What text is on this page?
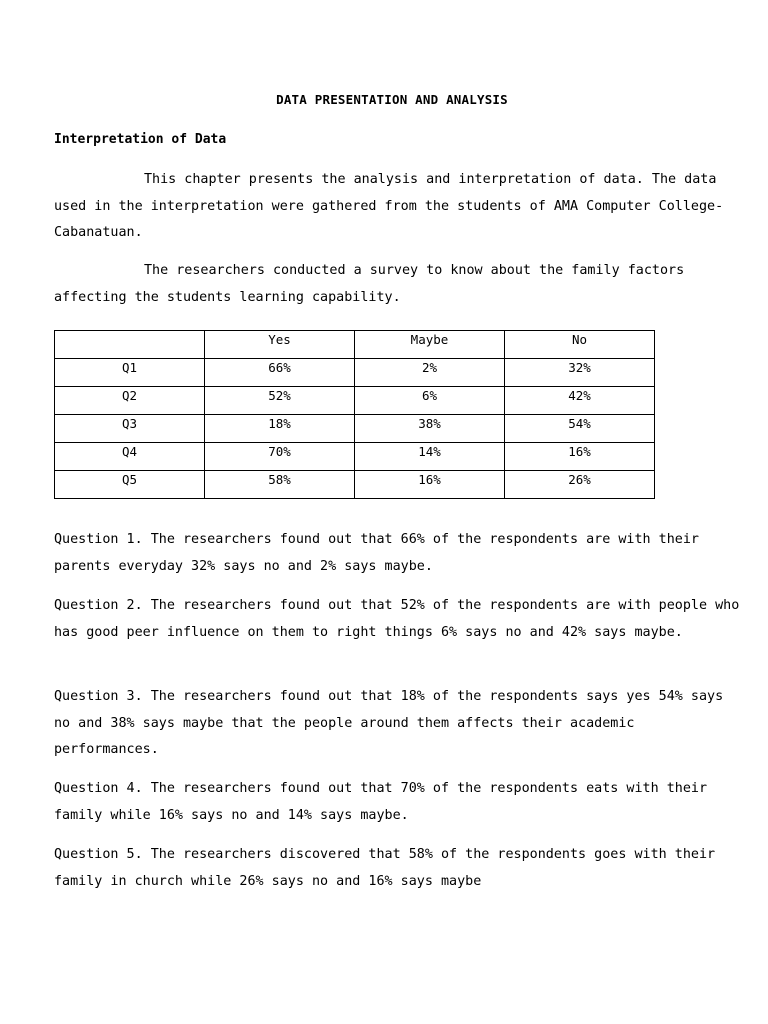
DATA PRESENTATION AND ANALYSIS
Interpretation of Data

This chapter presents the analysis and interpretation of data. The data used in the interpretation were gathered from the students of AMA Computer College-Cabanatuan.

The researchers conducted a survey to know about the family factors affecting the students learning capability.

	Yes	Maybe	No
Q1	66%	2%	32%
Q2	52%	6%	42%
Q3	18%	38%	54%
Q4	70%	14%	16%
Q5	58%	16%	26%

Question 1. The researchers found out that 66% of the respondents are with their parents everyday 32% says no and 2% says maybe.

Question 2. The researchers found out that 52% of the respondents are with people who has good peer influence on them to right things 6% says no and 42% says maybe.

Question 3. The researchers found out that 18% of the respondents says yes 54% says no and 38% says maybe that the people around them affects their academic performances.

Question 4. The researchers found out that 70% of the respondents eats with their family while 16% says no and 14% says maybe.

Question 5. The researchers discovered that 58% of the respondents goes with their family in church while 26% says no and 16% says maybe
